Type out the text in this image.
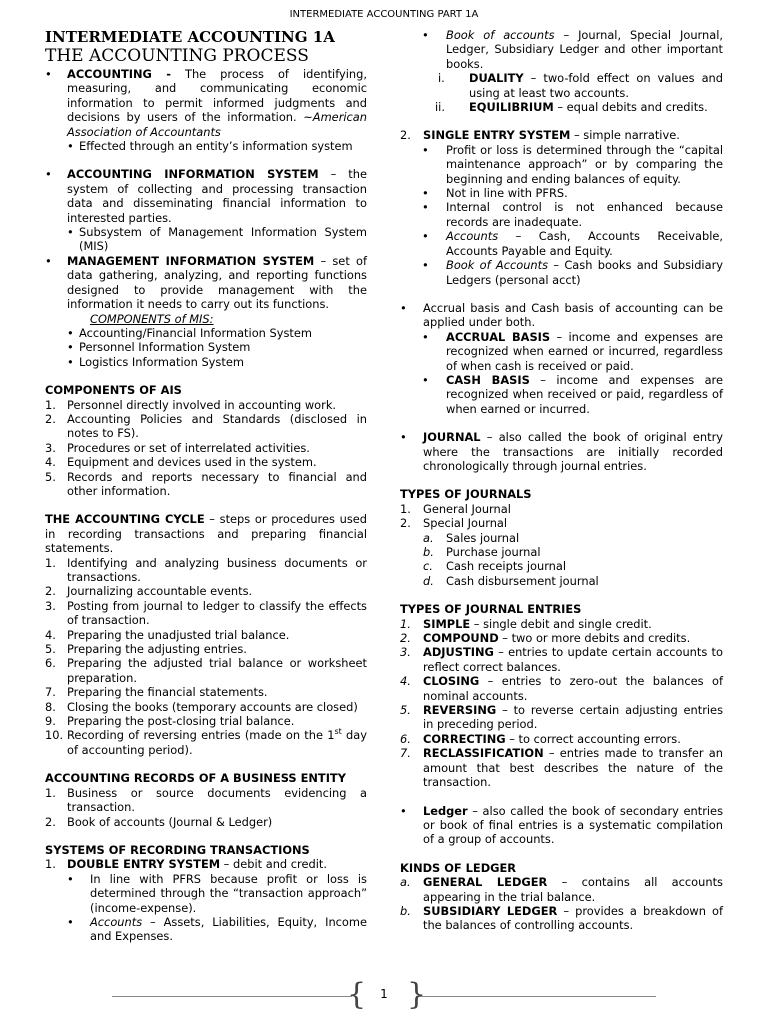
INTERMEDIATE ACCOUNTING PART 1A
INTERMEDIATE ACCOUNTING 1A
THE ACCOUNTING PROCESS
• ACCOUNTING - The process of identifying, measuring, and communicating economic information to permit informed judgments and decisions by users of the information. ~American Association of Accountants
• Effected through an entity’s information system
• ACCOUNTING INFORMATION SYSTEM – the system of collecting and processing transaction data and disseminating financial information to interested parties.
• Subsystem of Management Information System (MIS)
• MANAGEMENT INFORMATION SYSTEM – set of data gathering, analyzing, and reporting functions designed to provide management with the information it needs to carry out its functions.
COMPONENTS of MIS:
• Accounting/Financial Information System
• Personnel Information System
• Logistics Information System
COMPONENTS OF AIS
1. Personnel directly involved in accounting work.
2. Accounting Policies and Standards (disclosed in notes to FS).
3. Procedures or set of interrelated activities.
4. Equipment and devices used in the system.
5. Records and reports necessary to financial and other information.
THE ACCOUNTING CYCLE – steps or procedures used in recording transactions and preparing financial statements.
1. Identifying and analyzing business documents or transactions.
2. Journalizing accountable events.
3. Posting from journal to ledger to classify the effects of transaction.
4. Preparing the unadjusted trial balance.
5. Preparing the adjusting entries.
6. Preparing the adjusted trial balance or worksheet preparation.
7. Preparing the financial statements.
8. Closing the books (temporary accounts are closed)
9. Preparing the post-closing trial balance.
10. Recording of reversing entries (made on the 1st day of accounting period).
ACCOUNTING RECORDS OF A BUSINESS ENTITY
1. Business or source documents evidencing a transaction.
2. Book of accounts (Journal & Ledger)
SYSTEMS OF RECORDING TRANSACTIONS
1. DOUBLE ENTRY SYSTEM – debit and credit.
• In line with PFRS because profit or loss is determined through the “transaction approach” (income-expense).
• Accounts – Assets, Liabilities, Equity, Income and Expenses.
• Book of accounts – Journal, Special Journal, Ledger, Subsidiary Ledger and other important books.
i. DUALITY – two-fold effect on values and using at least two accounts.
ii. EQUILIBRIUM – equal debits and credits.
2. SINGLE ENTRY SYSTEM – simple narrative.
• Profit or loss is determined through the “capital maintenance approach” or by comparing the beginning and ending balances of equity.
• Not in line with PFRS.
• Internal control is not enhanced because records are inadequate.
• Accounts – Cash, Accounts Receivable, Accounts Payable and Equity.
• Book of Accounts – Cash books and Subsidiary Ledgers (personal acct)
• Accrual basis and Cash basis of accounting can be applied under both.
• ACCRUAL BASIS – income and expenses are recognized when earned or incurred, regardless of when cash is received or paid.
• CASH BASIS – income and expenses are recognized when received or paid, regardless of when earned or incurred.
• JOURNAL – also called the book of original entry where the transactions are initially recorded chronologically through journal entries.
TYPES OF JOURNALS
1. General Journal
2. Special Journal
a. Sales journal
b. Purchase journal
c. Cash receipts journal
d. Cash disbursement journal
TYPES OF JOURNAL ENTRIES
1. SIMPLE – single debit and single credit.
2. COMPOUND – two or more debits and credits.
3. ADJUSTING – entries to update certain accounts to reflect correct balances.
4. CLOSING – entries to zero-out the balances of nominal accounts.
5. REVERSING – to reverse certain adjusting entries in preceding period.
6. CORRECTING – to correct accounting errors.
7. RECLASSIFICATION – entries made to transfer an amount that best describes the nature of the transaction.
• Ledger – also called the book of secondary entries or book of final entries is a systematic compilation of a group of accounts.
KINDS OF LEDGER
a. GENERAL LEDGER – contains all accounts appearing in the trial balance.
b. SUBSIDIARY LEDGER – provides a breakdown of the balances of controlling accounts.
{ }
1
